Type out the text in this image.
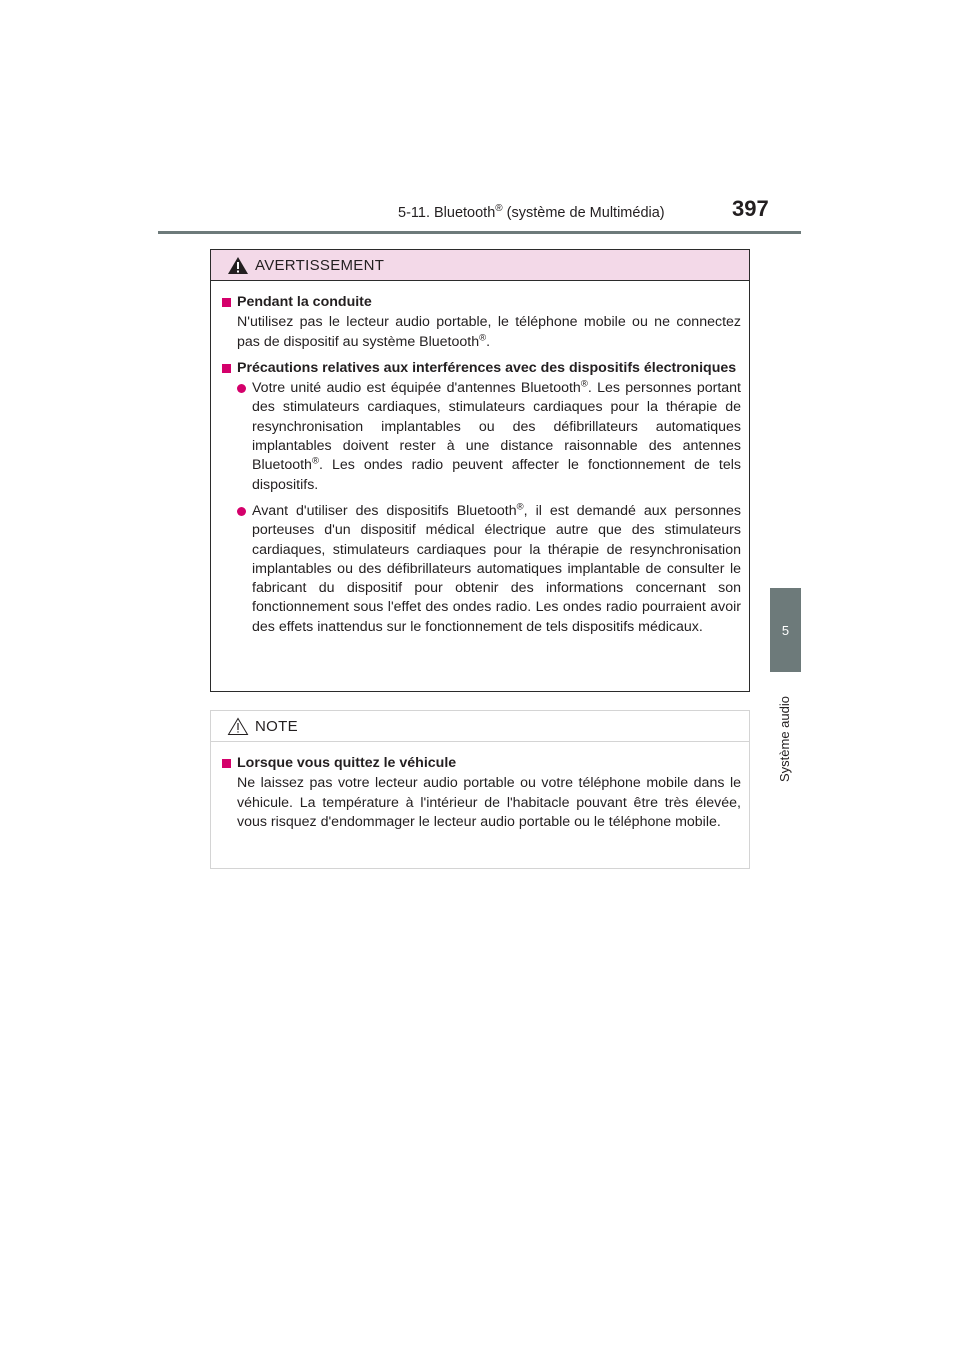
5-11. Bluetooth® (système de Multimédia)	397
5
Système audio
AVERTISSEMENT
Pendant la conduite
N'utilisez pas le lecteur audio portable, le téléphone mobile ou ne connectez pas de dispositif au système Bluetooth®.
Précautions relatives aux interférences avec des dispositifs électroniques
Votre unité audio est équipée d'antennes Bluetooth®. Les personnes portant des stimulateurs cardiaques, stimulateurs cardiaques pour la thérapie de resynchronisation implantables ou des défibrillateurs automatiques implantables doivent rester à une distance raisonnable des antennes Bluetooth®. Les ondes radio peuvent affecter le fonctionnement de tels dispositifs.
Avant d'utiliser des dispositifs Bluetooth®, il est demandé aux personnes porteuses d'un dispositif médical électrique autre que des stimulateurs cardiaques, stimulateurs cardiaques pour la thérapie de resynchronisation implantables ou des défibrillateurs automatiques implantable de consulter le fabricant du dispositif pour obtenir des informations concernant son fonctionnement sous l'effet des ondes radio. Les ondes radio pourraient avoir des effets inattendus sur le fonctionnement de tels dispositifs médicaux.
NOTE
Lorsque vous quittez le véhicule
Ne laissez pas votre lecteur audio portable ou votre téléphone mobile dans le véhicule. La température à l'intérieur de l'habitacle pouvant être très élevée, vous risquez d'endommager le lecteur audio portable ou le téléphone mobile.
